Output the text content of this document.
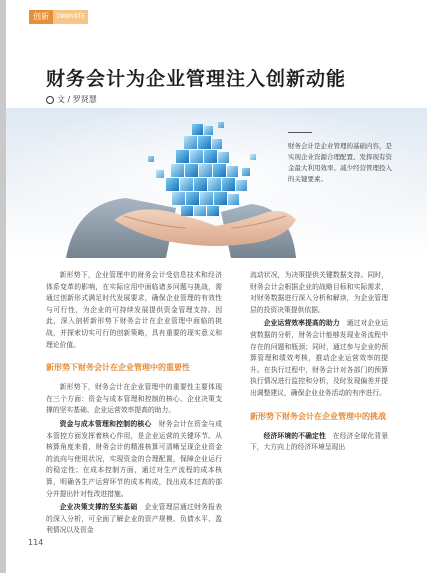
创新	INNOVATE
财务会计为企业管理注入创新动能
文 / 罗贤慧
财务会计是企业管理的基础内容，是实现企业资源合理配置、发挥现有资金最大利用效率、减少经营管理投入的关键要素。

新形势下，企业管理中的财务会计受信息技术和经济体系变革的影响，在实际应用中面临诸多问题与挑战，需通过创新形式满足时代发展要求，确保企业管理的有效性与可行性，为企业的可持续发展提供资金管理支持。因此，深入剖析新形势下财务会计在企业管理中面临的挑战，并探索切实可行的创新策略，具有重要的现实意义和理论价值。

新形势下财务会计在企业管理中的重要性

新形势下，财务会计在企业管理中的重要性主要体现在三个方面：资金与成本管理和控制的核心、企业决策支撑的坚实基础、企业运营效率提高的助力。

资金与成本管理和控制的核心　 财务会计在资金与成本管控方面发挥着核心作用，是企业运营的关键环节。从核算角度来看，财务会计的精准核算可清晰呈现企业资金的流向与使用状况，实现资金的合理配置，保障企业运行的稳定性；在成本控制方面，通过对生产流程的成本核算，明确各生产运营环节的成本构成，找出成本过高的部分并提出针对性改进措施。

企业决策支撑的坚实基础　 企业管理层通过财务报表的深入分析，可全面了解企业的资产规模、负债水平、盈利情况以及资金

流动状况，为决策提供关键数据支持。同时，财务会计会根据企业的战略目标和实际需求，对财务数据进行深入分析和解读，为企业管理层的投资决策提供依据。

企业运营效率提高的助力　 通过对企业运营数据的分析，财务会计能够发现业务流程中存在的问题和瓶颈；同时，通过参与企业的预算管理和绩效考核，推动企业运营效率的提升。在执行过程中，财务会计对各部门的预算执行情况进行监控和分析，及时发现偏差并提出调整建议，确保企业业务活动的有序进行。

新形势下财务会计在企业管理中的挑战

经济环境的不确定性　 在经济全球化背景下，大方向上的经济环境呈现出

114
